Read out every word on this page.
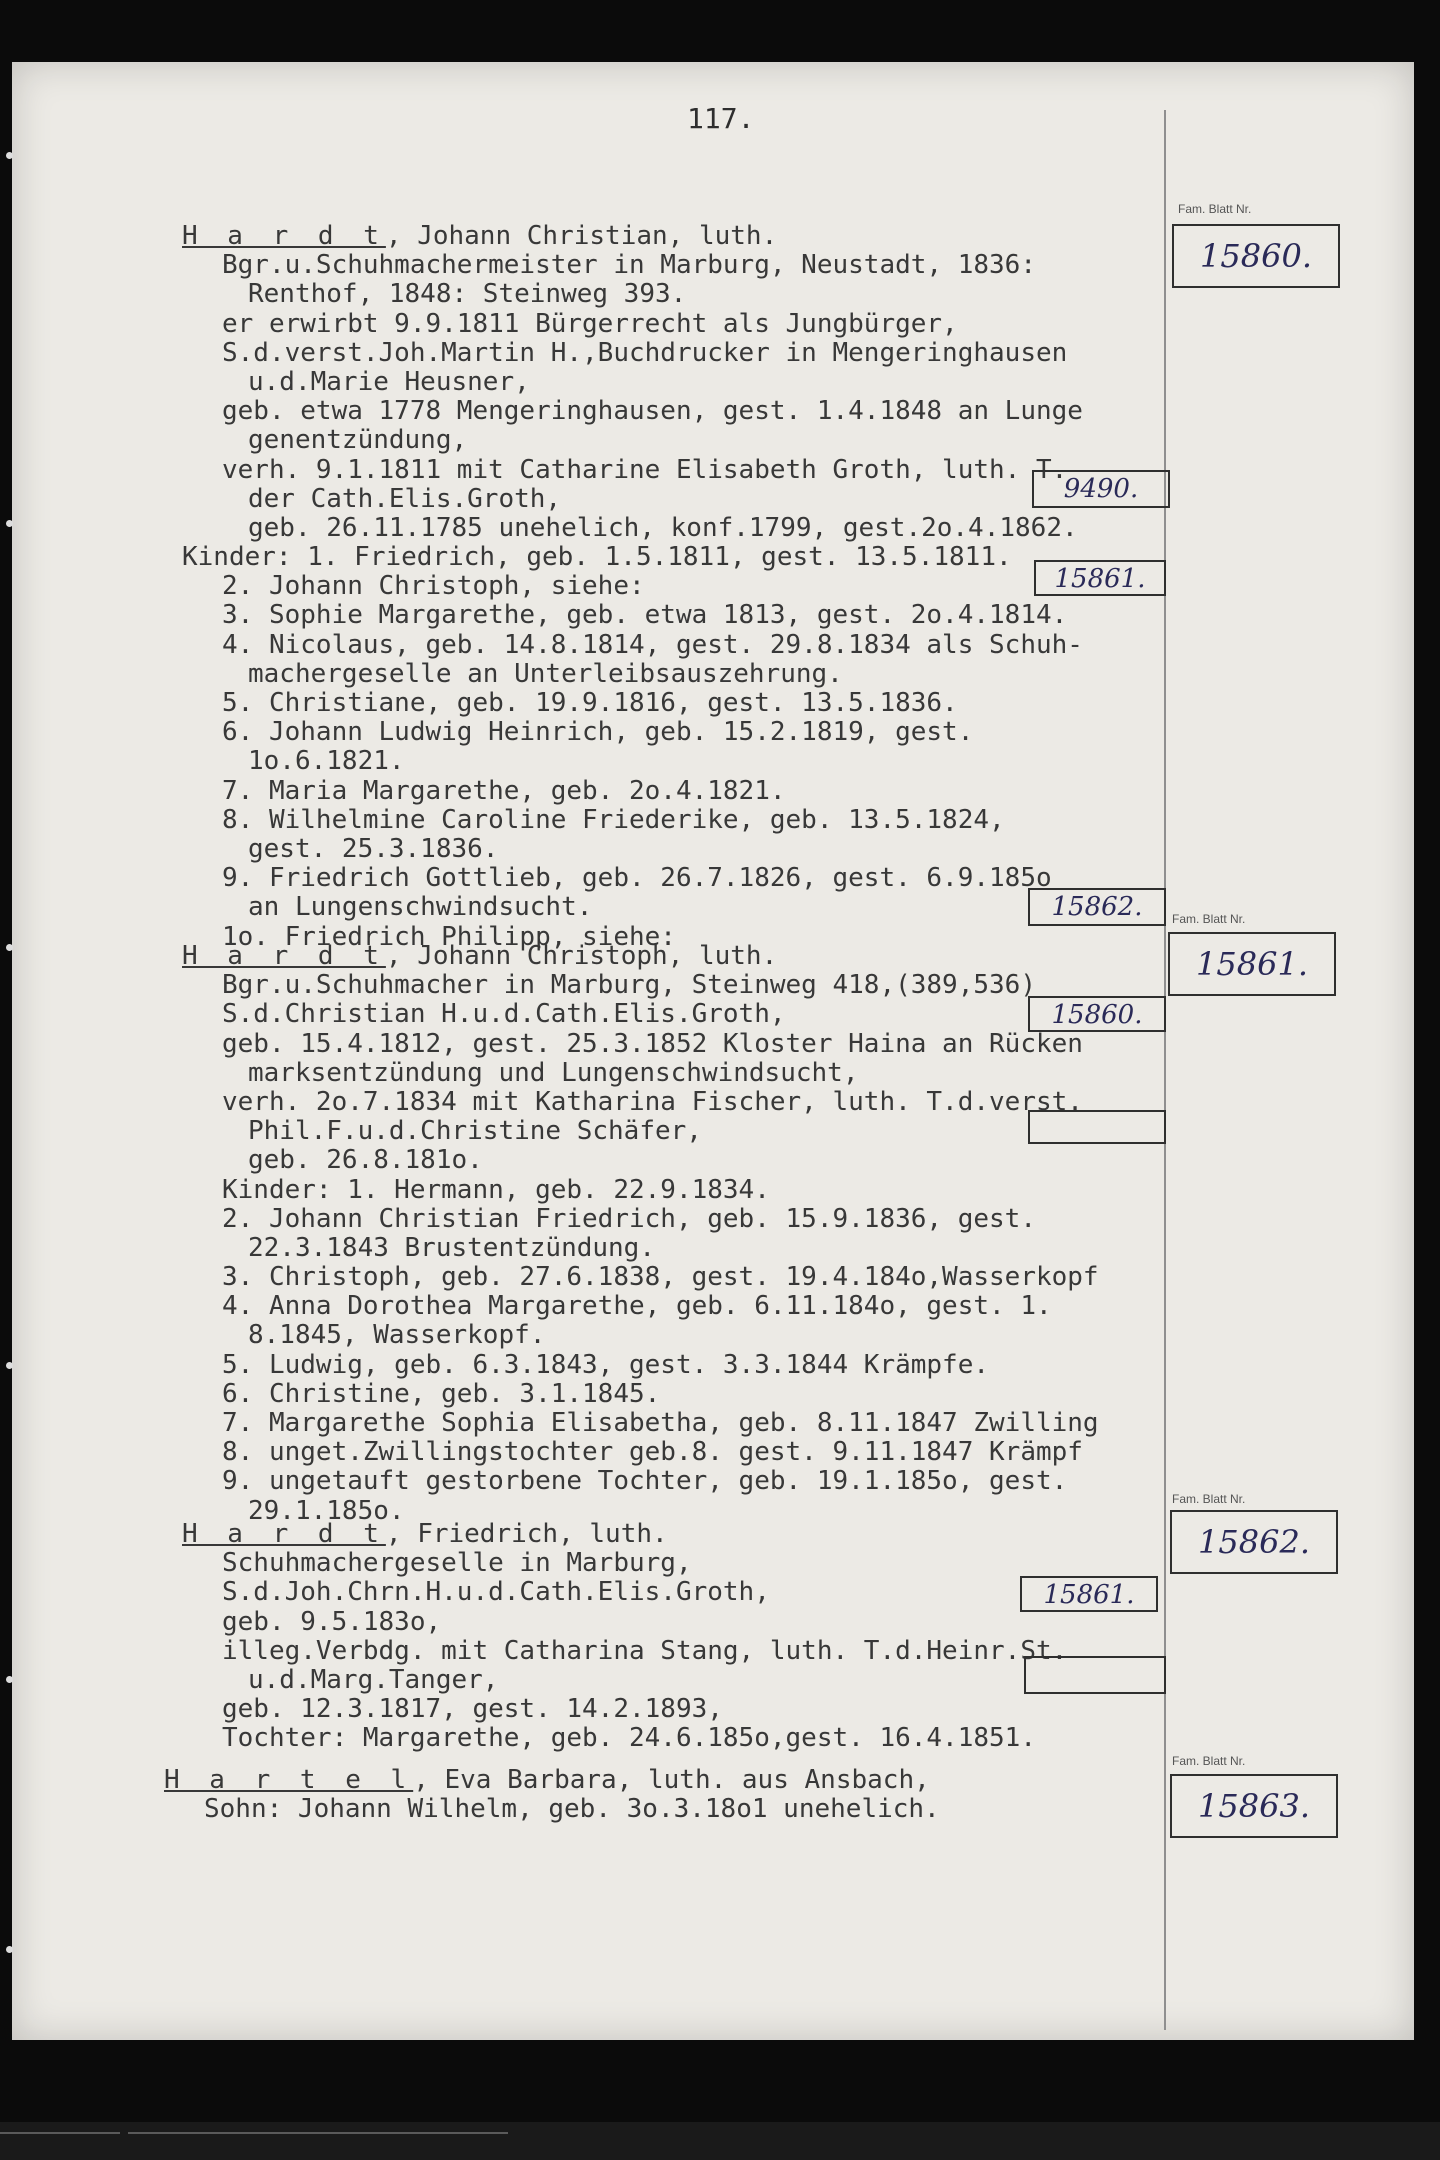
117.
H a r d t, Johann Christian, luth.
Bgr.u.Schuhmachermeister in Marburg, Neustadt, 1836:
Renthof, 1848: Steinweg 393.
er erwirbt 9.9.1811 Bürgerrecht als Jungbürger,
S.d.verst.Joh.Martin H.,Buchdrucker in Mengeringhausen
u.d.Marie Heusner,
geb. etwa 1778 Mengeringhausen, gest. 1.4.1848 an Lunge
genentzündung,
verh. 9.1.1811 mit Catharine Elisabeth Groth, luth. T.
der Cath.Elis.Groth,
geb. 26.11.1785 unehelich, konf.1799, gest.2o.4.1862.
Kinder: 1. Friedrich, geb. 1.5.1811, gest. 13.5.1811.
2. Johann Christoph, siehe:
3. Sophie Margarethe, geb. etwa 1813, gest. 2o.4.1814.
4. Nicolaus, geb. 14.8.1814, gest. 29.8.1834 als Schuh-
machergeselle an Unterleibsauszehrung.
5. Christiane, geb. 19.9.1816, gest. 13.5.1836.
6. Johann Ludwig Heinrich, geb. 15.2.1819, gest.
1o.6.1821.
7. Maria Margarethe, geb. 2o.4.1821.
8. Wilhelmine Caroline Friederike, geb. 13.5.1824,
gest. 25.3.1836.
9. Friedrich Gottlieb, geb. 26.7.1826, gest. 6.9.185o
an Lungenschwindsucht.
1o. Friedrich Philipp, siehe:
H a r d t, Johann Christoph, luth.
Bgr.u.Schuhmacher in Marburg, Steinweg 418,(389,536)
S.d.Christian H.u.d.Cath.Elis.Groth,
geb. 15.4.1812, gest. 25.3.1852 Kloster Haina an Rücken
marksentzündung und Lungenschwindsucht,
verh. 2o.7.1834 mit Katharina Fischer, luth. T.d.verst.
Phil.F.u.d.Christine Schäfer,
geb. 26.8.181o.
Kinder: 1. Hermann, geb. 22.9.1834.
2. Johann Christian Friedrich, geb. 15.9.1836, gest.
22.3.1843 Brustentzündung.
3. Christoph, geb. 27.6.1838, gest. 19.4.184o,Wasserkopf
4. Anna Dorothea Margarethe, geb. 6.11.184o, gest. 1.
8.1845, Wasserkopf.
5. Ludwig, geb. 6.3.1843, gest. 3.3.1844 Krämpfe.
6. Christine, geb. 3.1.1845.
7. Margarethe Sophia Elisabetha, geb. 8.11.1847 Zwilling
8. unget.Zwillingstochter geb.8. gest. 9.11.1847 Krämpf
9. ungetauft gestorbene Tochter, geb. 19.1.185o, gest.
29.1.185o.
H a r d t, Friedrich, luth.
Schuhmachergeselle in Marburg,
S.d.Joh.Chrn.H.u.d.Cath.Elis.Groth,
geb. 9.5.183o,
illeg.Verbdg. mit Catharina Stang, luth. T.d.Heinr.St.
u.d.Marg.Tanger,
geb. 12.3.1817, gest. 14.2.1893,
Tochter: Margarethe, geb. 24.6.185o,gest. 16.4.1851.
H a r t e l, Eva Barbara, luth. aus Ansbach,
Sohn: Johann Wilhelm, geb. 3o.3.18o1 unehelich.
9490.
15861.
15862.
15860.
15861.
Fam. Blatt Nr.
15860.
Fam. Blatt Nr.
15861.
Fam. Blatt Nr.
15862.
Fam. Blatt Nr.
15863.
